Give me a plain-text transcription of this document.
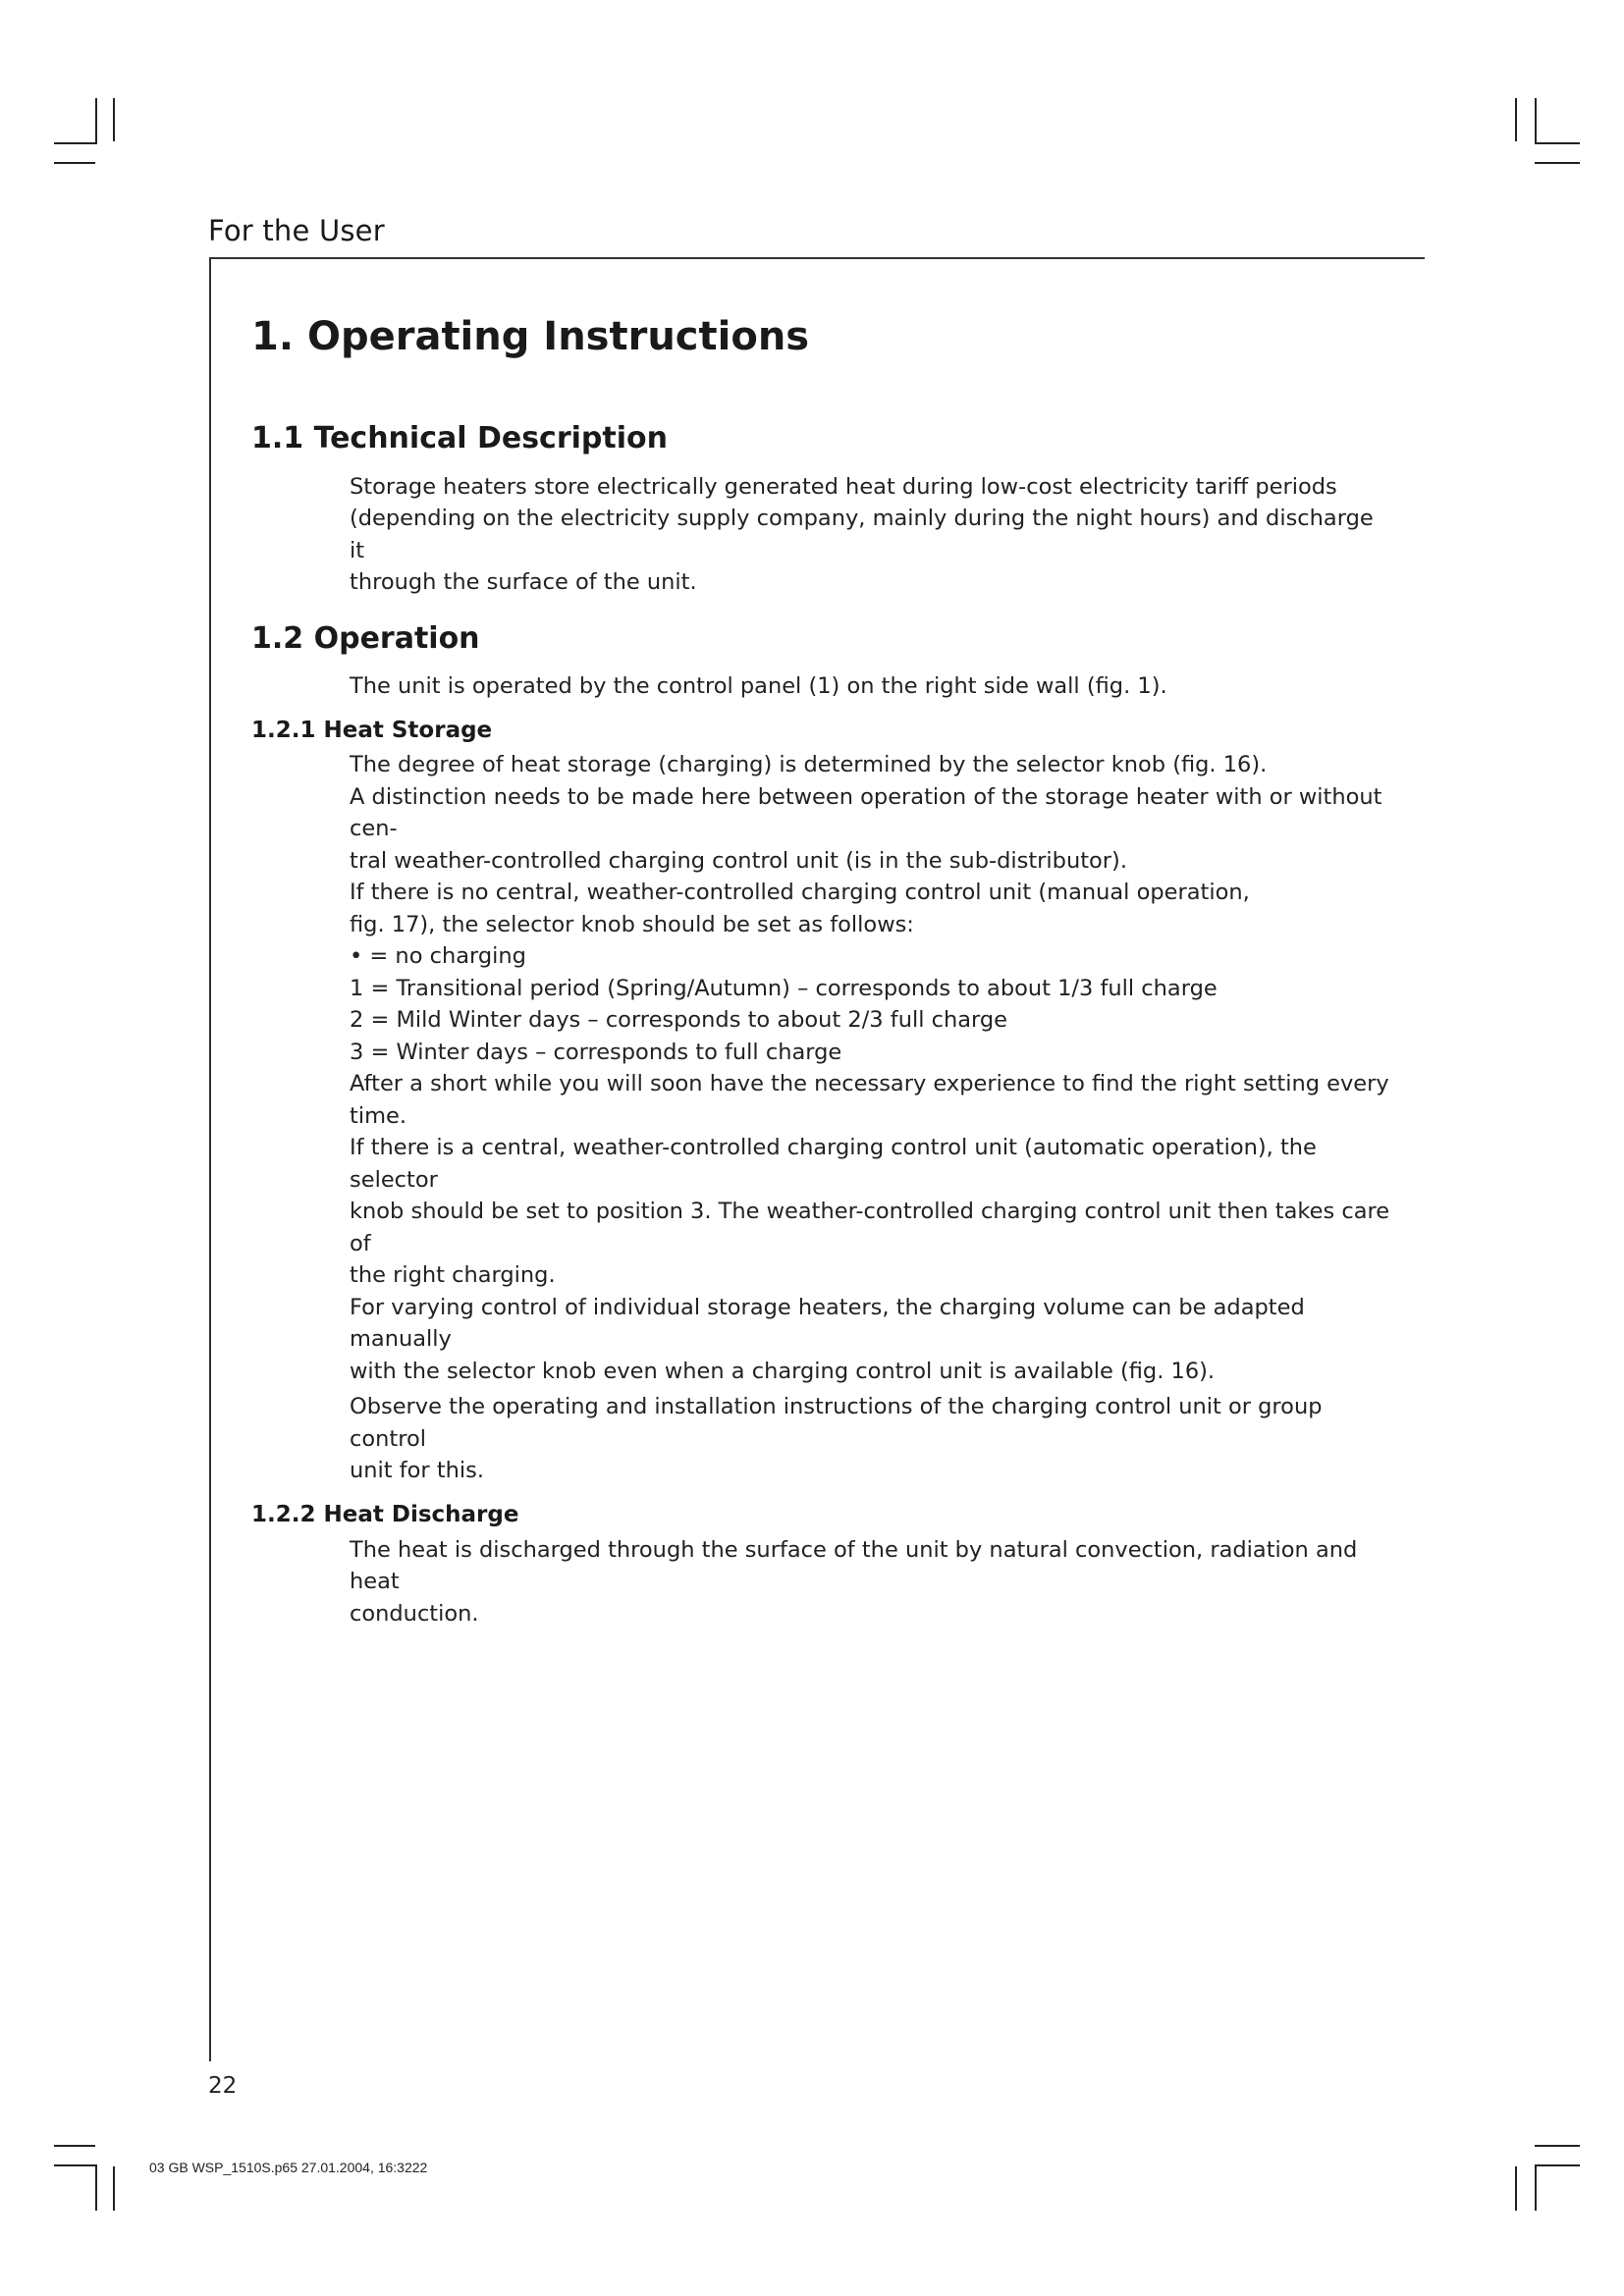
For the User
1. Operating Instructions
1.1 Technical Description

Storage heaters store electrically generated heat during low-cost electricity tariff periods

(depending on the electricity supply company, mainly during the night hours) and discharge it

through the surface of the unit.

1.2 Operation

The unit is operated by the control panel (1) on the right side wall (fig. 1).

1.2.1 Heat Storage

The degree of heat storage (charging) is determined by the selector knob (fig. 16).

A distinction needs to be made here between operation of the storage heater with or without cen-

tral weather-controlled charging control unit (is in the sub-distributor).

If there is no central, weather-controlled charging control unit (manual operation,

fig. 17), the selector knob should be set as follows:

• = no charging

1 = Transitional period (Spring/Autumn) – corresponds to about 1/3 full charge

2 = Mild Winter days – corresponds to about 2/3 full charge

3 = Winter days – corresponds to full charge

After a short while you will soon have the necessary experience to find the right setting every

time.

If there is a central, weather-controlled charging control unit (automatic operation), the selector

knob should be set to position 3. The weather-controlled charging control unit then takes care of

the right charging.

For varying control of individual storage heaters, the charging volume can be adapted manually

with the selector knob even when a charging control unit is available (fig. 16).

Observe the operating and installation instructions of the charging control unit or group control

unit for this.

1.2.2 Heat Discharge

The heat is discharged through the surface of the unit by natural convection, radiation and heat

conduction.

22
03 GB WSP_1510S.p65 27.01.2004, 16:3222
